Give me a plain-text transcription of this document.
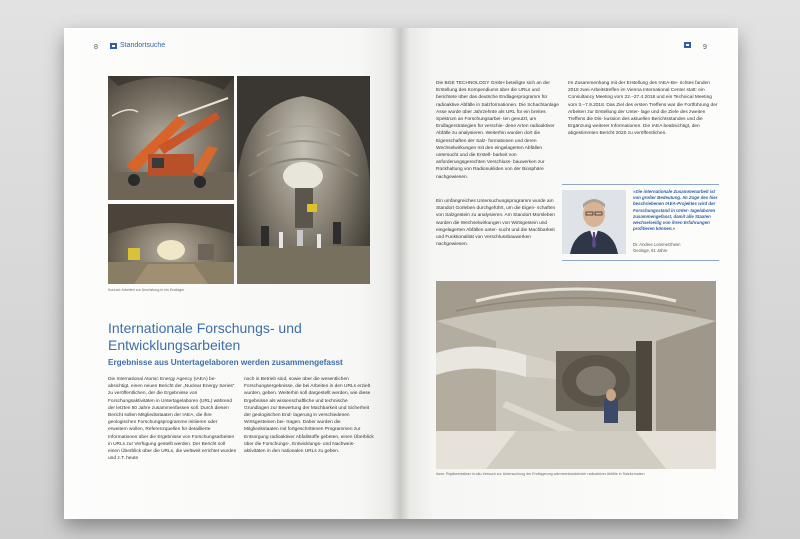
8	Standortsuche
Konrad: Arbeiten zur Umrüstung in ein Endlager
Internationale Forschungs- und Entwicklungsarbeiten
Ergebnisse aus Untertagelaboren werden zusammengefasst

Die International Atomic Energy Agency (IAEA) be- absichtigt, einen neuen Bericht der „Nuclear Energy Series“ zu veröffentlichen, der die Ergebnisse von Forschungsaktivitäten in Untertagelaboren (URL) während der letzten 50 Jahre zusammenfassen soll. Durch diesen Bericht sollen Mitgliedsstaaten der IAEA, die ihre geologischen Forschungsprogramme initiieren oder erweitern wollen, Referenzquellen für detaillierte Informationen über die Ergebnisse von Forschungsarbeiten in URLs zur Verfügung gestellt werden. Der Bericht soll einen Überblick über die URLs, die weltweit errichtet wurden und z.T. heute

noch in Betrieb sind, sowie über die wesentlichen Forschungsergebnisse, die bei Arbeiten in den URLs erzielt wurden, geben. Weiterhin soll dargestellt werden, wie diese Ergebnisse als wissenschaftliche und technische Grundlagen zur Bewertung der Machbarkeit und Sicherheit der geologischen End- lagerung in verschiedenen Wirtsgesteinen bei- tragen. Daher wurden die Mitgliedsstaaten mit fortgeschrittenen Programmen zur Entsorgung radioaktiver Abfallstoffe gebeten, einen Überblick über die Forschungs-, Entwicklungs- und Nachweis- aktivitäten in den nationalen URLs zu geben.

9

Die BGE TECHNOLOGY GmbH beteiligte sich an der Erstellung des Kompendiums über die URLs und berichtete über das deutsche Endlagerprogramm für radioaktive Abfälle in Salzformationen. Die Schachtanlage Asse wurde über Jahrzehnte als URL für ein breites Spektrum an Forschungsarbei- ten genutzt, um Endlagerstrategien für verschie- dene Arten radioaktiver Abfälle zu analysieren. Weiterhin wurden dort die Eigenschaften der Salz- formationen und deren Wechselwirkungen mit den eingelagerten Abfällen untersucht und die Erstell- barkeit von anforderungsgerechten Verschluss- bauwerken zur Rückhaltung von Radionukliden von der Biosphäre nachgewiesen.

Ein umfangreiches Untersuchungsprogramm wurde am Standort Gorleben durchgeführt, um die Eigen- schaften von Salzgestein zu analysieren. Am Standort Morsleben wurden die Wechselwirkungen von Wirtsgestein und eingelagerten Abfällen unter- sucht und die Machbarkeit und Funktionalität von Verschlussbauwerken nachgewiesen.

Im Zusammenhang mit der Erstellung des IAEA-Be- richtes fanden 2018 zwei Arbeitstreffen im Vienna International Center statt: ein Consultancy Meeting vom 22.–27.4.2018 und ein Technical Meeting vom 3.–7.9.2018. Das Ziel des ersten Treffens war die Fortführung der Arbeiten zur Erstellung der Unter- lage und die Ziele des zweiten Treffens die Dis- kussion des aktuellen Berichtsstandes und die Ergänzung weiterer Informationen. Die IAEA beabsichtigt, den abgestimmten Bericht 2020 zu veröffentlichen.

»Die internationale Zusammenarbeit ist von großer Bedeutung. Im Zuge des hier beschriebenen IAEA-Projektes wird der Forschungsstand in Unter- tagelaboren zusammengefasst, damit alle Staaten wechselseitig von ihren Erfahrungen profitieren können.«

Dr. Andree Lommerzheim
Geologe, 61 Jahre

Asse: Rapibeentaliser in-situ-Versuch zur Untersuchung der Endlagerung wärmeentwickelnder radioaktiver Abfälle in Salzformation
